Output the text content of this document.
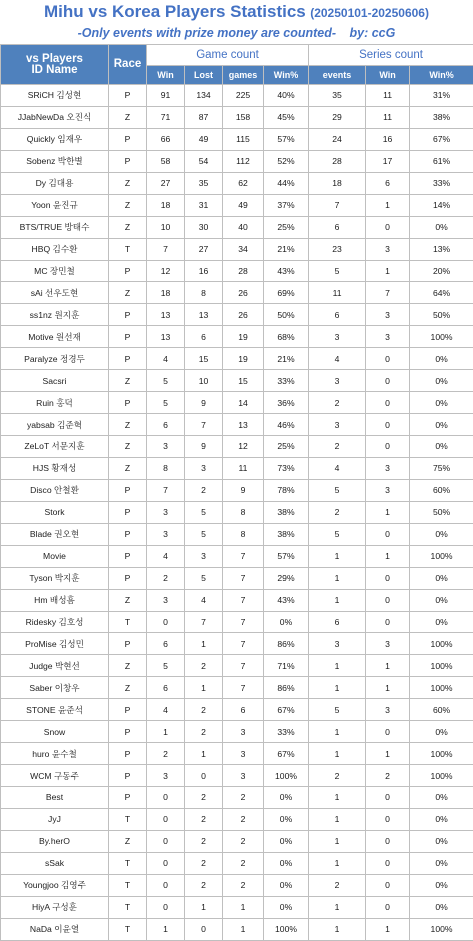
Mihu vs Korea Players Statistics (20250101-20250606)
-Only events with prize money are counted- by: ccG
vs Players
ID Name	Race	Game count				Series count		
		Win	Lost	games	Win%	events	Win	Win%
SRiCH 김성현	P	91	134	225	40%	35	11	31%
JJabNewDa 오진식	Z	71	87	158	45%	29	11	38%
Quickly 임재우	P	66	49	115	57%	24	16	67%
Sobenz 박한별	P	58	54	112	52%	28	17	61%
Dy 김대용	Z	27	35	62	44%	18	6	33%
Yoon 윤진규	Z	18	31	49	37%	7	1	14%
BTS/TRUE 방태수	Z	10	30	40	25%	6	0	0%
HBQ 김수환	T	7	27	34	21%	23	3	13%
MC 장민철	P	12	16	28	43%	5	1	20%
sAi 선우도현	Z	18	8	26	69%	11	7	64%
ss1nz 원지훈	P	13	13	26	50%	6	3	50%
Motive 원선재	P	13	6	19	68%	3	3	100%
Paralyze 정경두	P	4	15	19	21%	4	0	0%
Sacsri	Z	5	10	15	33%	3	0	0%
Ruin 홍덕	P	5	9	14	36%	2	0	0%
yabsab 김준혁	Z	6	7	13	46%	3	0	0%
ZeLoT 서문지훈	Z	3	9	12	25%	2	0	0%
HJS 황재성	Z	8	3	11	73%	4	3	75%
Disco 안철환	P	7	2	9	78%	5	3	60%
Stork	P	3	5	8	38%	2	1	50%
Blade 권오현	P	3	5	8	38%	5	0	0%
Movie	P	4	3	7	57%	1	1	100%
Tyson 박지훈	P	2	5	7	29%	1	0	0%
Hm 배성흠	Z	3	4	7	43%	1	0	0%
Ridesky 김호성	T	0	7	7	0%	6	0	0%
ProMise 김성민	P	6	1	7	86%	3	3	100%
Judge 박현선	Z	5	2	7	71%	1	1	100%
Saber 이창우	Z	6	1	7	86%	1	1	100%
STONE 윤준석	P	4	2	6	67%	5	3	60%
Snow	P	1	2	3	33%	1	0	0%
huro 윤수철	P	2	1	3	67%	1	1	100%
WCM 구동주	P	3	0	3	100%	2	2	100%
Best	P	0	2	2	0%	1	0	0%
JyJ	T	0	2	2	0%	1	0	0%
By.herO	Z	0	2	2	0%	1	0	0%
sSak	T	0	2	2	0%	1	0	0%
Youngjoo 김영주	T	0	2	2	0%	2	0	0%
HiyA 구성훈	T	0	1	1	0%	1	0	0%
NaDa 이윤열	T	1	0	1	100%	1	1	100%
